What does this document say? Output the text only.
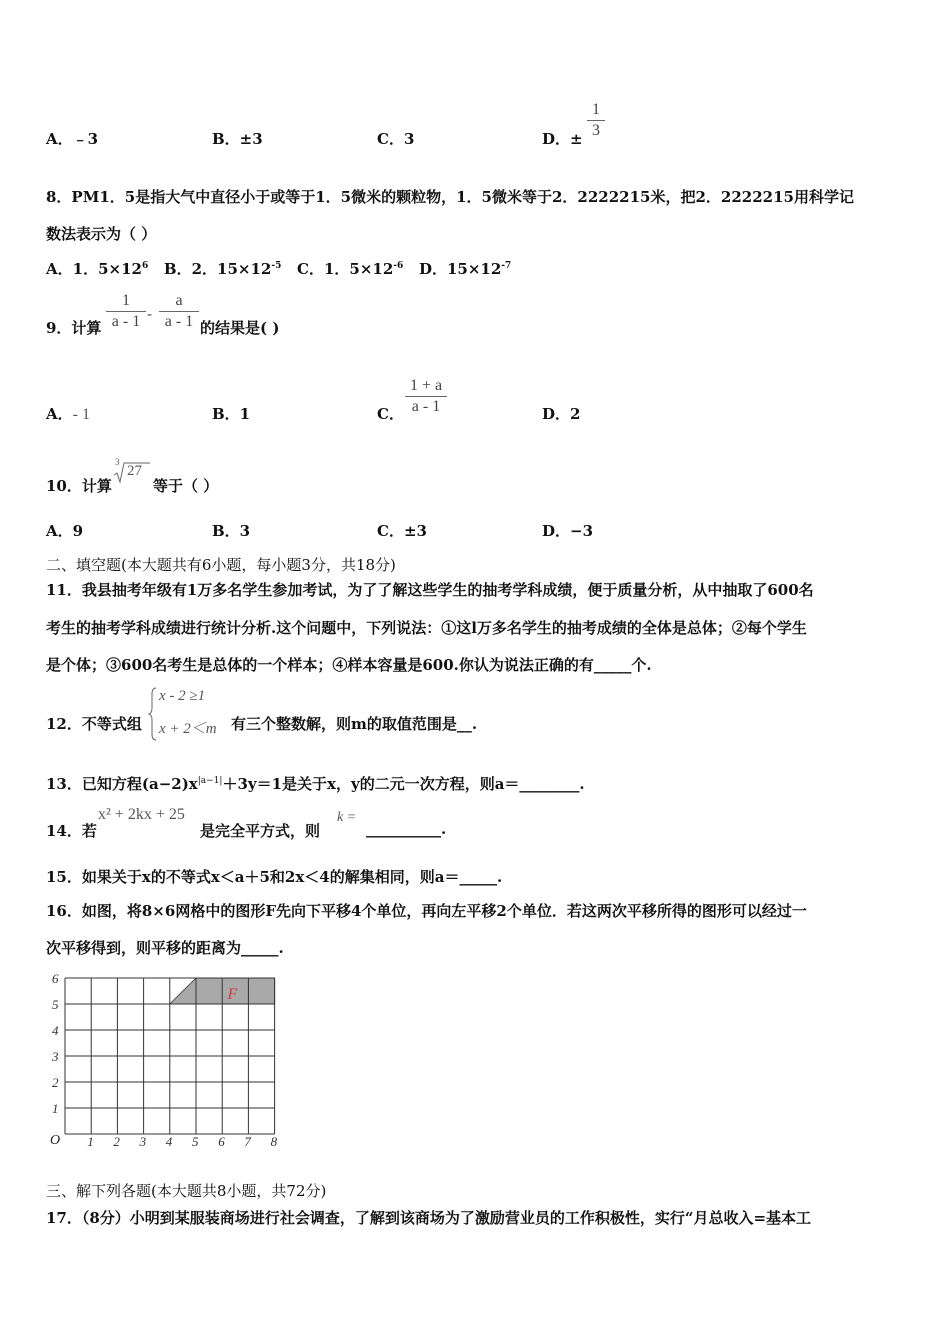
A．﹣3	B．±3	C．3	D．±
1
3
8．PM1．5是指大气中直径小于或等于1．5微米的颗粒物，1．5微米等于2．2222215米，把2．2222215用科学记
数法表示为（ ）
A．1．$5\times 12^6$ B．2．$15\times 12^{-5}$ C．1．$5\times 12^{-6}$ D．$15\times 12^{-7}$
9．计算
1
a - 1 -
a
a - 1 的结果是( )
A．- 1	B．1	C．
1 + a
a - 1	D．2
10．计算
3
27
等于（ ）
A．9	B．3	C．±3	D．−3
二、填空题(本大题共有6小题，每小题3分，共18分)
11．我县抽考年级有1万多名学生参加考试，为了了解这些学生的抽考学科成绩，便于质量分析，从中抽取了600名
考生的抽考学科成绩进行统计分析.这个问题中，下列说法：①这l万多名学生的抽考成绩的全体是总体；②每个学生
是个体；③600名考生是总体的一个样本；④样本容量是600.你认为说法正确的有_____个.
12．不等式组
x - 2 ≥1
x + 2＜m 有三个整数解，则m的取值范围是__.
13．已知方程$(a-2)x^{|a-1|}+3y=1$是关于x，y的二元一次方程，则a＝________.
14．若
x² + 2kx + 25
是完全平方式，则
k =
__________.
15．如果关于x的不等式x＜a＋5和2x＜4的解集相同，则a＝_____.
16．如图，将8×6网格中的图形F先向下平移4个单位，再向左平移2个单位．若这两次平移所得的图形可以经过一
次平移得到，则平移的距离为_____.
O 1 2 3 4 5 6 7 8
1
2
3
4
5
6
F
三、解下列各题(本大题共8小题，共72分)
17．（8分）小明到某服装商场进行社会调查，了解到该商场为了激励营业员的工作积极性，实行“月总收入=基本工
